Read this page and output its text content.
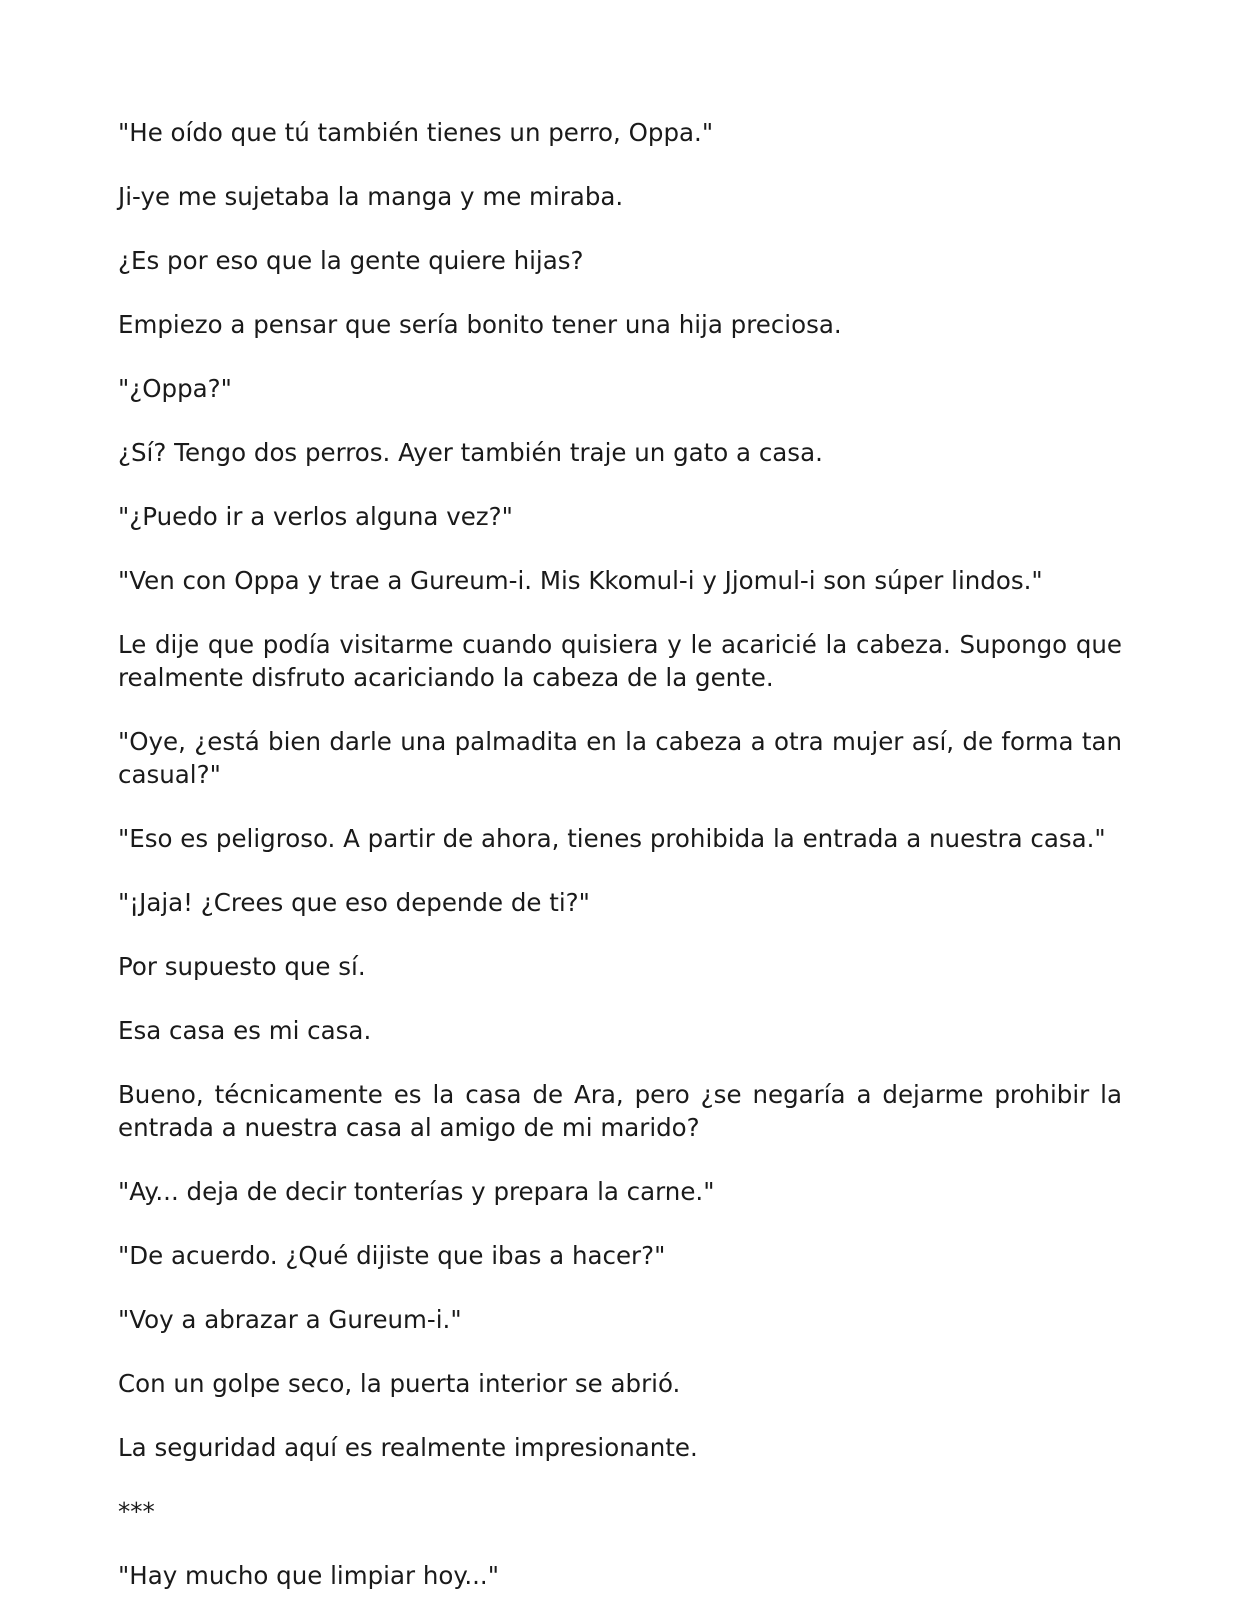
"He oído que tú también tienes un perro, Oppa."

Ji-ye me sujetaba la manga y me miraba.

¿Es por eso que la gente quiere hijas?

Empiezo a pensar que sería bonito tener una hija preciosa.

"¿Oppa?"

¿Sí? Tengo dos perros. Ayer también traje un gato a casa.

"¿Puedo ir a verlos alguna vez?"

"Ven con Oppa y trae a Gureum-i. Mis Kkomul-i y Jjomul-i son súper lindos."

Le dije que podía visitarme cuando quisiera y le acaricié la cabeza. Supongo que realmente disfruto acariciando la cabeza de la gente.

"Oye, ¿está bien darle una palmadita en la cabeza a otra mujer así, de forma tan casual?"

"Eso es peligroso. A partir de ahora, tienes prohibida la entrada a nuestra casa."

"¡Jaja! ¿Crees que eso depende de ti?"

Por supuesto que sí.

Esa casa es mi casa.

Bueno, técnicamente es la casa de Ara, pero ¿se negaría a dejarme prohibir la entrada a nuestra casa al amigo de mi marido?

"Ay... deja de decir tonterías y prepara la carne."

"De acuerdo. ¿Qué dijiste que ibas a hacer?"

"Voy a abrazar a Gureum-i."

Con un golpe seco, la puerta interior se abrió.

La seguridad aquí es realmente impresionante.

***

"Hay mucho que limpiar hoy..."
